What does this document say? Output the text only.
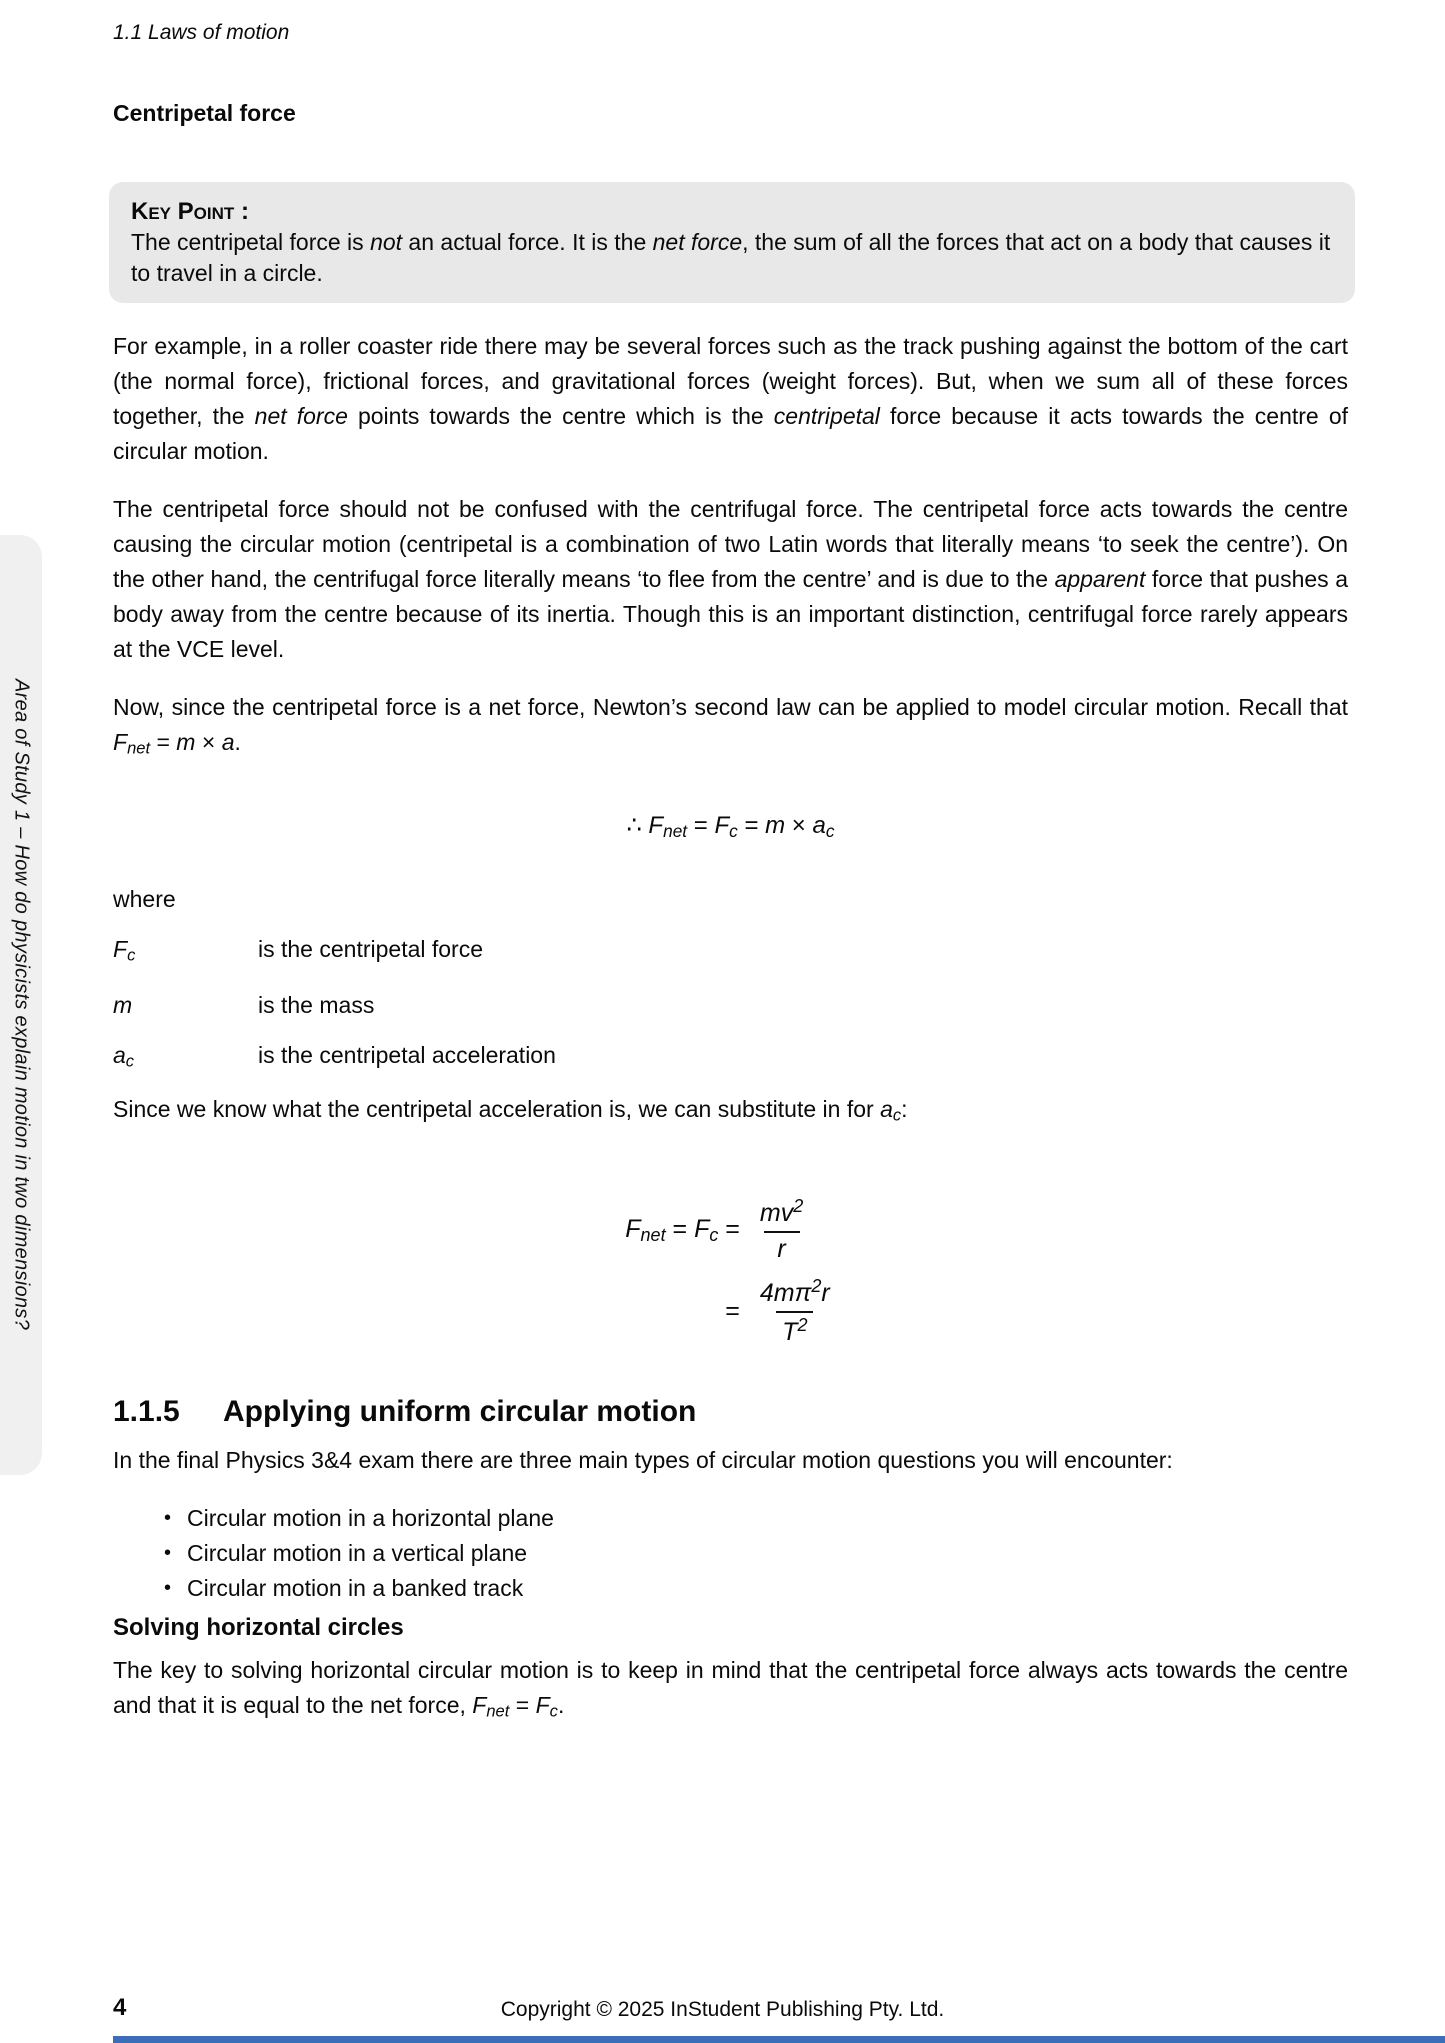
1.1 Laws of motion
Centripetal force
Key Point :
The centripetal force is not an actual force. It is the net force, the sum of all the forces that act on a body that causes it to travel in a circle.

For example, in a roller coaster ride there may be several forces such as the track pushing against the bottom of the cart (the normal force), frictional forces, and gravitational forces (weight forces). But, when we sum all of these forces together, the net force points towards the centre which is the centripetal force because it acts towards the centre of circular motion.

The centripetal force should not be confused with the centrifugal force. The centripetal force acts towards the centre causing the circular motion (centripetal is a combination of two Latin words that literally means ‘to seek the centre’). On the other hand, the centrifugal force literally means ‘to flee from the centre’ and is due to the apparent force that pushes a body away from the centre because of its inertia. Though this is an important distinction, centrifugal force rarely appears at the VCE level.

Now, since the centripetal force is a net force, Newton’s second law can be applied to model circular motion. Recall that Fnet = m × a.

∴ Fnet = Fc = m × ac
where
Fc	is the centripetal force
m	is the mass
ac	is the centripetal acceleration

Since we know what the centripetal acceleration is, we can substitute in for ac:

Fnet = $Fc = \frac{mv^2}{r}$
= $\frac{4m\pi^2r}{T^2}$
1.1.5 Applying uniform circular motion

In the final Physics 3&4 exam there are three main types of circular motion questions you will encounter:

• Circular motion in a horizontal plane
• Circular motion in a vertical plane
• Circular motion in a banked track
Solving horizontal circles

The key to solving horizontal circular motion is to keep in mind that the centripetal force always acts towards the centre and that it is equal to the net force, Fnet = Fc.

Area of Study 1 – How do physicists explain motion in two dimensions?
4	Copyright © 2025 InStudent Publishing Pty. Ltd.
